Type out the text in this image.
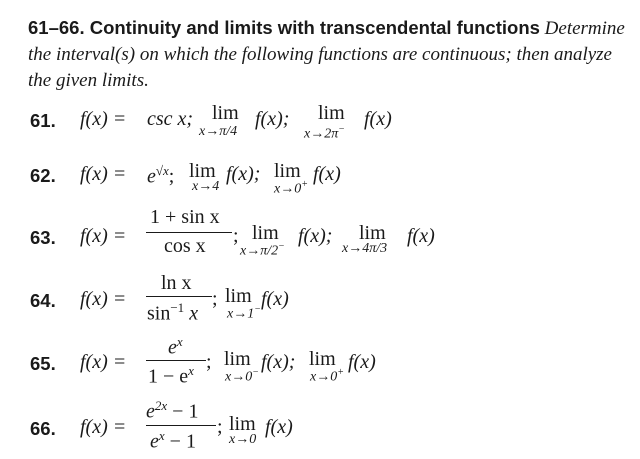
61–66. Continuity and limits with transcendental functions Determine the interval(s) on which the following functions are continuous; then analyze the given limits.
61. f(x) = csc x; lim
x→π/4
f(x); lim
x→2π− f(x)
62. $f(x) = e^{√x}$; lim
x→4
f(x); lim
x→0+ f(x)
63. f(x) =
1 + sin x
cos x ; lim
x→π/2− f(x); lim
x→4π/3
f(x)
64. f(x) =
ln x
$\sin^{-1} x$
; lim
x→1− f(x)
65. f(x) =
$e^x$
$1 - e^x$ ; lim
x→0− f(x); lim
x→0+ f(x)
66. f(x) =
$e^{2x} - 1$
$e^x - 1$
; lim
x→0
f(x)
